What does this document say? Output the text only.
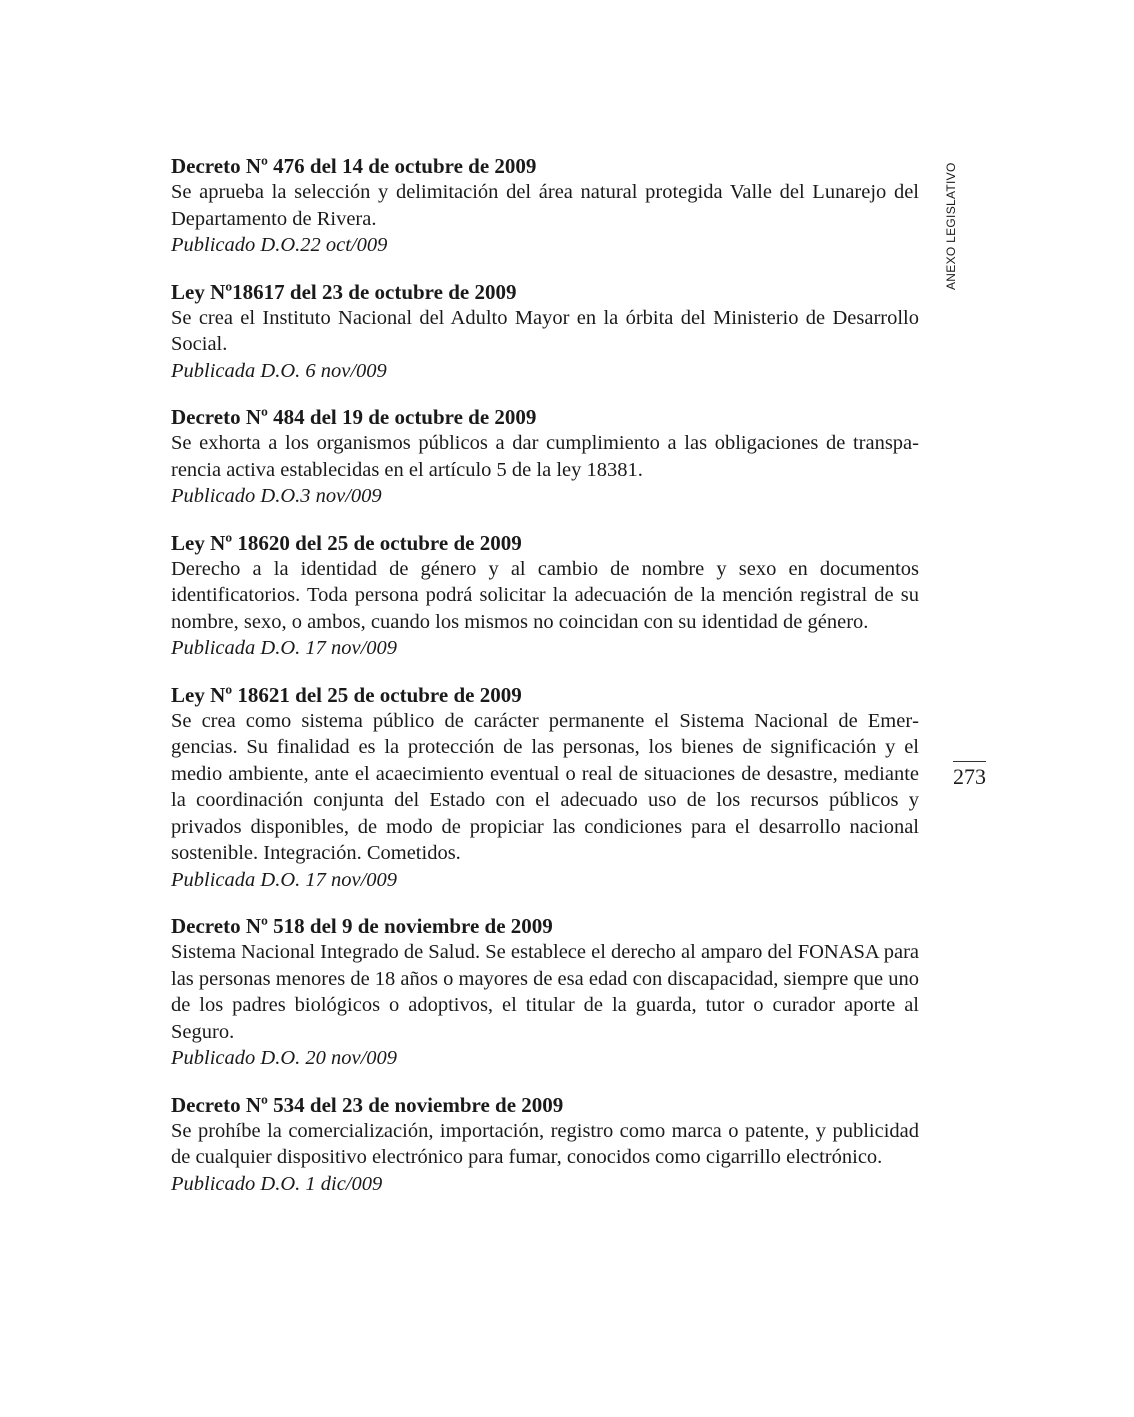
Decreto Nº 476 del 14 de octubre de 2009

Se aprueba la selección y delimitación del área natural protegida Valle del Lunarejo del Departamento de Rivera.

Publicado D.O.22 oct/009

Ley Nº18617 del 23 de octubre de 2009

Se crea el Instituto Nacional del Adulto Mayor en la órbita del Ministerio de Desarrollo Social.

Publicada D.O. 6 nov/009

Decreto Nº 484 del 19 de octubre de 2009

Se exhorta a los organismos públicos a dar cumplimiento a las obligaciones de transparencia activa establecidas en el artículo 5 de la ley 18381.

Publicado D.O.3 nov/009

Ley Nº 18620 del 25 de octubre de 2009

Derecho a la identidad de género y al cambio de nombre y sexo en documentos identificatorios. Toda persona podrá solicitar la adecuación de la mención registral de su nombre, sexo, o ambos, cuando los mismos no coincidan con su identidad de género.

Publicada D.O. 17 nov/009

Ley Nº 18621 del 25 de octubre de 2009

Se crea como sistema público de carácter permanente el Sistema Nacional de Emergencias. Su finalidad es la protección de las personas, los bienes de significación y el medio ambiente, ante el acaecimiento eventual o real de situaciones de desastre, mediante la coordinación conjunta del Estado con el adecuado uso de los recursos públicos y privados disponibles, de modo de propiciar las condiciones para el desarrollo nacional sostenible. Integración. Cometidos.

Publicada D.O. 17 nov/009

Decreto Nº 518 del 9 de noviembre de 2009

Sistema Nacional Integrado de Salud. Se establece el derecho al amparo del FONASA para las personas menores de 18 años o mayores de esa edad con discapacidad, siempre que uno de los padres biológicos o adoptivos, el titular de la guarda, tutor o curador aporte al Seguro.

Publicado D.O. 20 nov/009

Decreto Nº 534 del 23 de noviembre de 2009

Se prohíbe la comercialización, importación, registro como marca o patente, y publicidad de cualquier dispositivo electrónico para fumar, conocidos como cigarrillo electrónico.

Publicado D.O. 1 dic/009

ANEXO LEGISLATIVO
273
